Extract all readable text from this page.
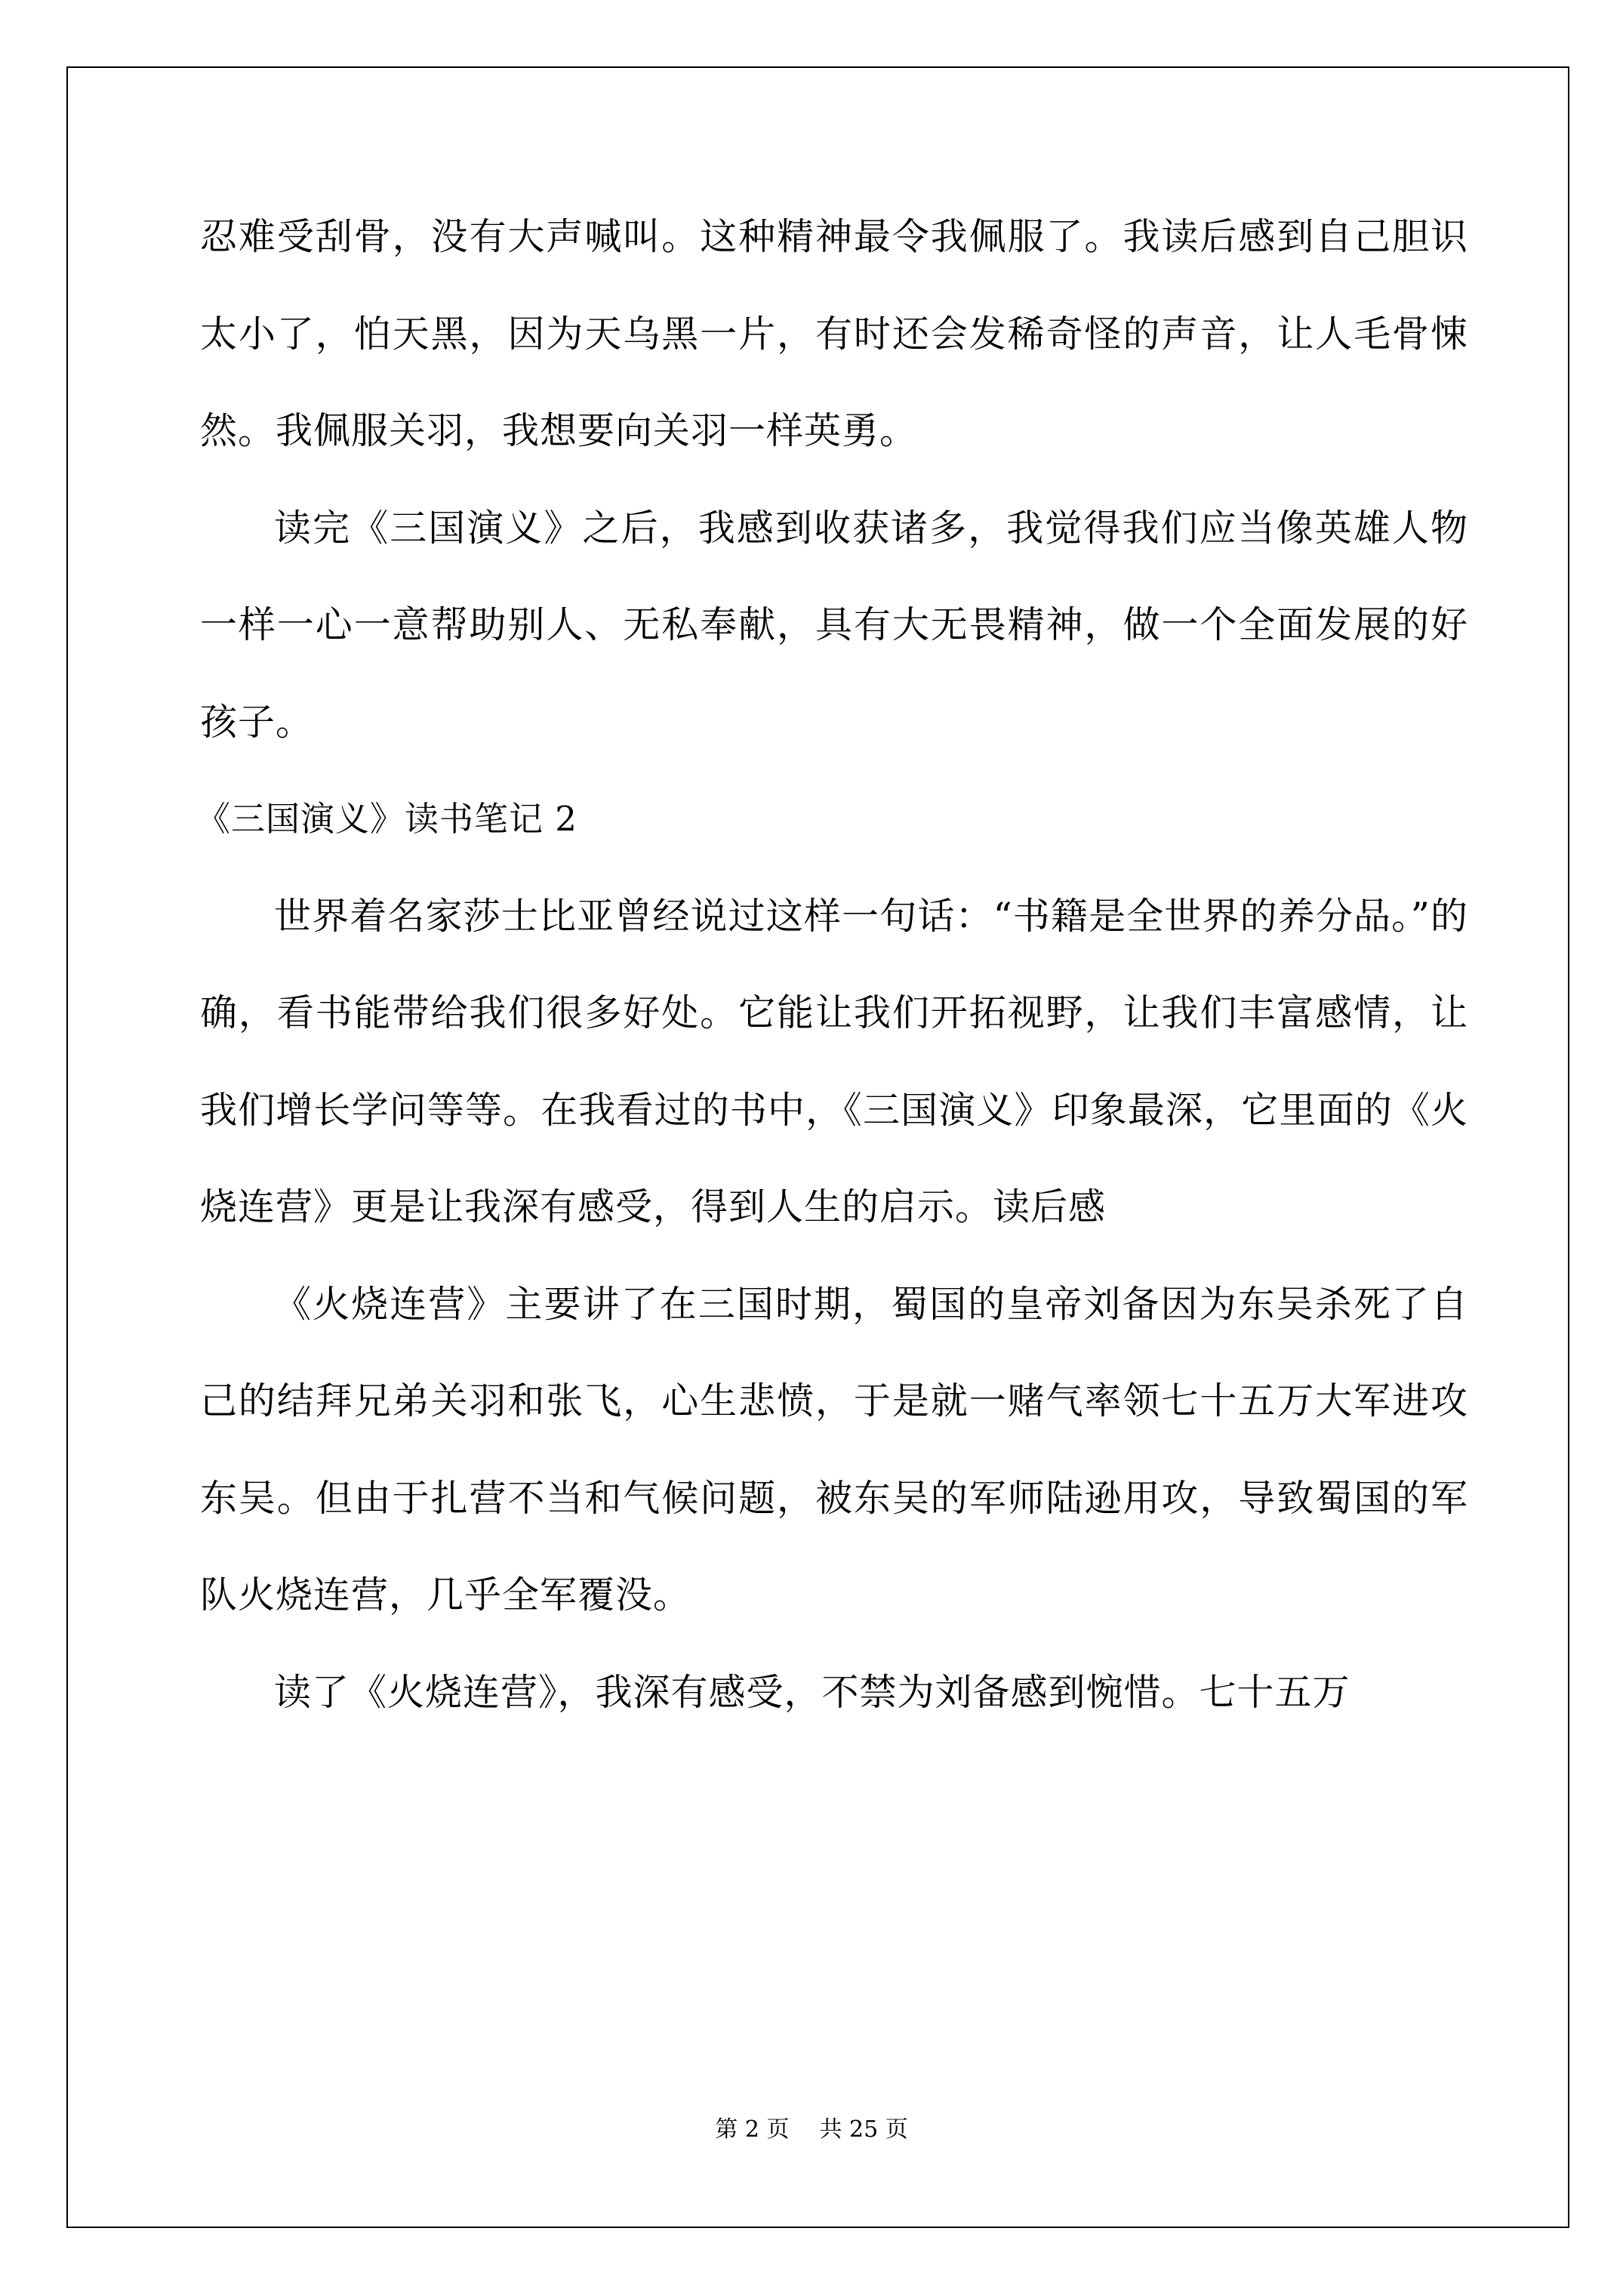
忍难受刮骨，没有大声喊叫。这种精神最令我佩服了。我读后感到自己胆识太小了，怕天黑，因为天乌黑一片，有时还会发稀奇怪的声音，让人毛骨悚然。我佩服关羽，我想要向关羽一样英勇。

读完《三国演义》之后，我感到收获诸多，我觉得我们应当像英雄人物一样一心一意帮助别人、无私奉献，具有大无畏精神，做一个全面发展的好孩子。

《三国演义》读书笔记 2

世界着名家莎士比亚曾经说过这样一句话：“书籍是全世界的养分品。”的确，看书能带给我们很多好处。它能让我们开拓视野，让我们丰富感情，让我们增长学问等等。在我看过的书中，《三国演义》印象最深，它里面的《火烧连营》更是让我深有感受，得到人生的启示。读后感

《火烧连营》主要讲了在三国时期，蜀国的皇帝刘备因为东吴杀死了自己的结拜兄弟关羽和张飞，心生悲愤，于是就一赌气率领七十五万大军进攻东吴。但由于扎营不当和气候问题，被东吴的军师陆逊用攻，导致蜀国的军队火烧连营，几乎全军覆没。

读了《火烧连营》，我深有感受，不禁为刘备感到惋惜。七十五万

第 2 页 共 25 页
